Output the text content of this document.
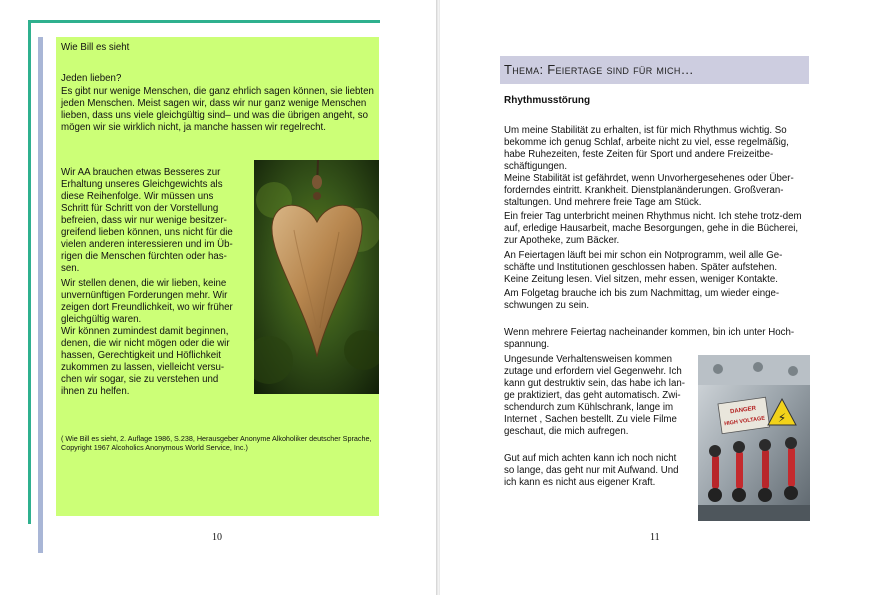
Wie Bill es sieht

Jeden lieben?

Es gibt nur wenige Menschen, die ganz ehrlich sagen können, sie liebten jeden Menschen. Meist sagen wir, dass wir nur ganz wenige Menschen lieben, dass uns viele gleichgültig sind– und was die übrigen angeht, so mögen wir sie wirklich nicht, ja manche hassen wir regelrecht.

Wir AA brauchen etwas Besseres zur
Erhaltung unseres Gleichgewichts als
diese Reihenfolge. Wir müssen uns
Schritt für Schritt von der Vorstellung
befreien, dass wir nur wenige besitzer-
greifend lieben können, uns nicht für die
vielen anderen interessieren und im Üb-
rigen die Menschen fürchten oder has-
sen.
Wir stellen denen, die wir lieben, keine
unvernünftigen Forderungen mehr. Wir
zeigen dort Freundlichkeit, wo wir früher
gleichgültig waren.
Wir können zumindest damit beginnen,
denen, die wir nicht mögen oder die wir
hassen, Gerechtigkeit und Höflichkeit
zukommen zu lassen, vielleicht versu-
chen wir sogar, sie zu verstehen und
ihnen zu helfen.

( Wie Bill es sieht, 2. Auflage 1986, S.238, Herausgeber Anonyme Alkoholiker deutscher Sprache, Copyright 1967 Alcoholics Anonymous World Service, Inc.)

10
Thema: Feiertage sind für mich…
Rhythmusstörung

Um meine Stabilität zu erhalten, ist für mich Rhythmus wichtig. So bekomme ich genug Schlaf, arbeite nicht zu viel, esse regelmäßig, habe Ruhezeiten, feste Zeiten für Sport und andere Freizeitbe-schäftigungen.

Meine Stabilität ist gefährdet, wenn Unvorhergesehenes oder Über-forderndes eintritt. Krankheit. Dienstplanänderungen. Großveran-staltungen. Und mehrere freie Tage am Stück.

Ein freier Tag unterbricht meinen Rhythmus nicht. Ich stehe trotz-dem auf, erledige Hausarbeit, mache Besorgungen, gehe in die Bücherei, zur Apotheke, zum Bäcker.

An Feiertagen läuft bei mir schon ein Notprogramm, weil alle Ge-schäfte und Institutionen geschlossen haben. Später aufstehen. Keine Zeitung lesen. Viel sitzen, mehr essen, weniger Kontakte.

Am Folgetag brauche ich bis zum Nachmittag, um wieder einge-schwungen zu sein.

Wenn mehrere Feiertag nacheinander kommen, bin ich unter Hoch-spannung.

Ungesunde Verhaltensweisen kommen
zutage und erfordern viel Gegenwehr. Ich
kann gut destruktiv sein, das habe ich lan-
ge praktiziert, das geht automatisch. Zwi-
schendurch zum Kühlschrank, lange im
Internet , Sachen bestellt. Zu viele Filme
geschaut, die mich aufregen.
Gut auf mich achten kann ich noch nicht
so lange, das geht nur mit Aufwand. Und
ich kann es nicht aus eigener Kraft.
DANGER
HIGH VOLTAGE ⚡
11
